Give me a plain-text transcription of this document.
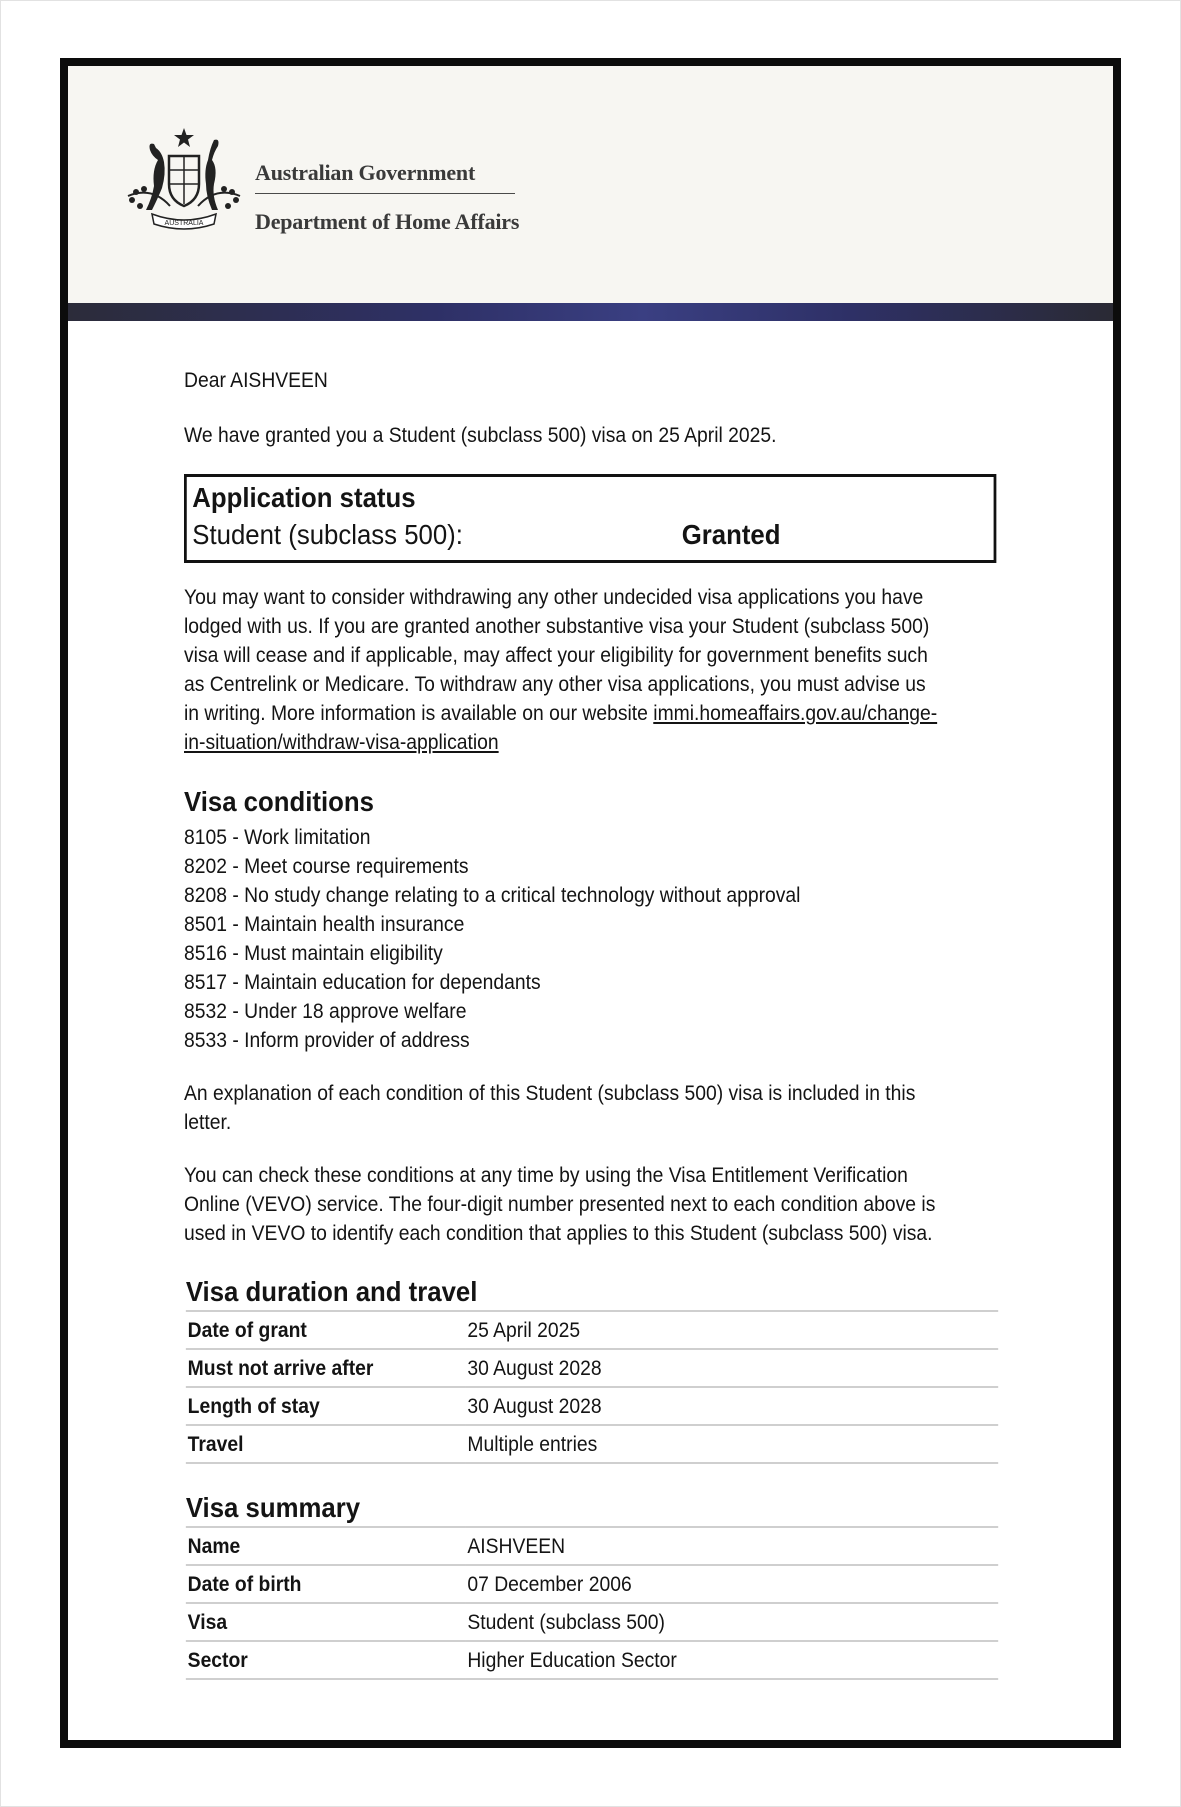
AUSTRALIA
Australian Government
Department of Home Affairs

Dear AISHVEEN

We have granted you a Student (subclass 500) visa on 25 April 2025.

Application status
Student (subclass 500):	Granted

You may want to consider withdrawing any other undecided visa applications you have lodged with us. If you are granted another substantive visa your Student (subclass 500) visa will cease and if applicable, may affect your eligibility for government benefits such as Centrelink or Medicare. To withdraw any other visa applications, you must advise us in writing. More information is available on our website immi.homeaffairs.gov.au/change-in-situation/withdraw-visa-application

Visa conditions
8105 - Work limitation
8202 - Meet course requirements
8208 - No study change relating to a critical technology without approval
8501 - Maintain health insurance
8516 - Must maintain eligibility
8517 - Maintain education for dependants
8532 - Under 18 approve welfare
8533 - Inform provider of address

An explanation of each condition of this Student (subclass 500) visa is included in this letter.

You can check these conditions at any time by using the Visa Entitlement Verification Online (VEVO) service. The four-digit number presented next to each condition above is used in VEVO to identify each condition that applies to this Student (subclass 500) visa.

Visa duration and travel
Date of grant	25 April 2025
Must not arrive after	30 August 2028
Length of stay	30 August 2028
Travel	Multiple entries
Visa summary
Name	AISHVEEN
Date of birth	07 December 2006
Visa	Student (subclass 500)
Sector	Higher Education Sector
